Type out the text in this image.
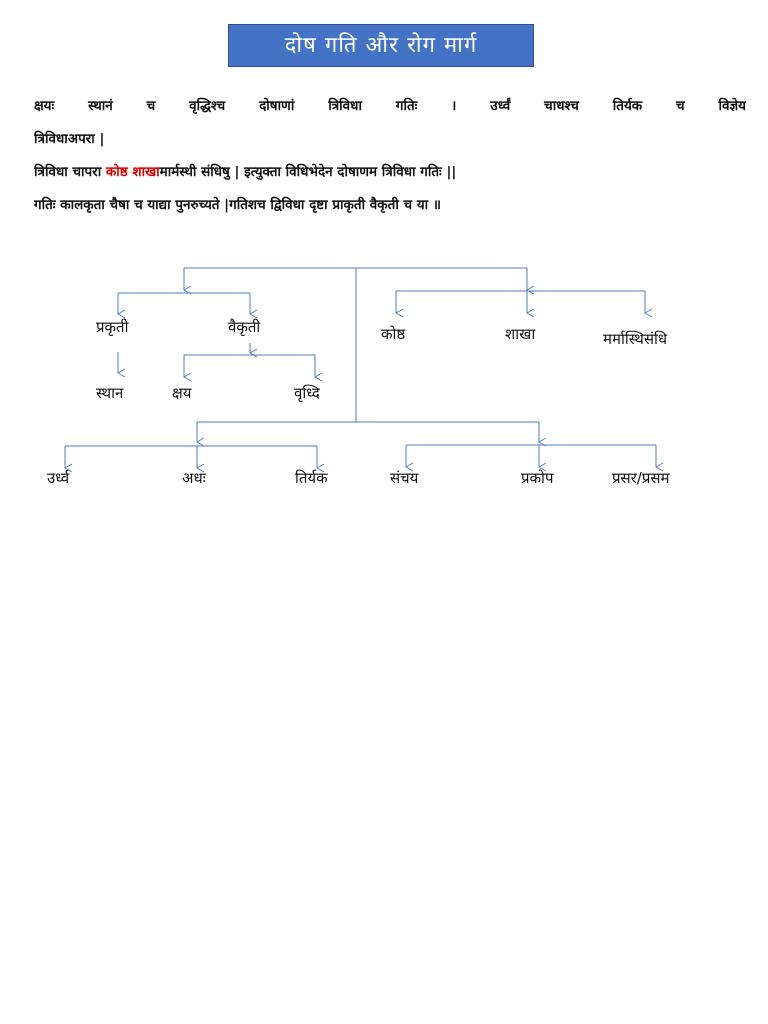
दोष गति और रोग मार्ग
क्षयः स्थानं च वृद्धिश्च दोषाणां त्रिविधा गतिः । उर्ध्वं चाधश्च तिर्यक च विज्ञेय
त्रिविधाअपरा |
त्रिविधा चापरा कोष्ठ शाखामार्मस्थी संधिषु | इत्युक्ता विधिभेदेन दोषाणम त्रिविधा गतिः ||
गतिः कालकृता चैषा च याद्या पुनरुच्यते |गतिशच द्विविधा दृष्टा प्राकृती वैकृती च या ॥
प्रकृती	वैकृती
स्थान	क्षय	वृध्दि
कोष्ठ	शाखा	मर्मास्थिसंधि
उर्ध्व	अधः	तिर्यक	संचय	प्रकोप	प्रसर/प्रसम
